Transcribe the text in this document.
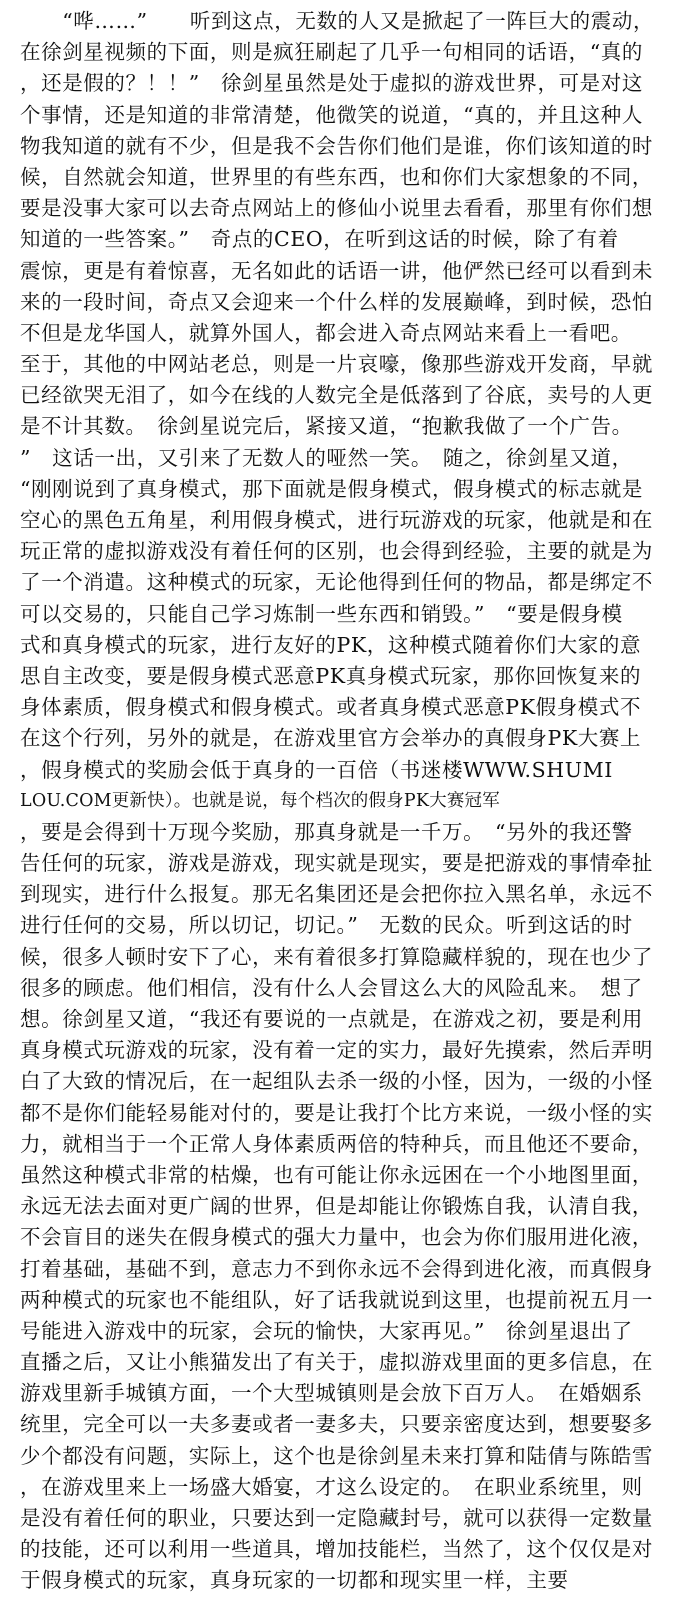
　　“哗……”　　听到这点，无数的人又是掀起了一阵巨大的震动，
在徐剑星视频的下面，则是疯狂刷起了几乎一句相同的话语，“真的
，还是假的？！！”　徐剑星虽然是处于虚拟的游戏世界，可是对这
个事情，还是知道的非常清楚，他微笑的说道，“真的，并且这种人
物我知道的就有不少，但是我不会告你们他们是谁，你们该知道的时
候，自然就会知道，世界里的有些东西，也和你们大家想象的不同，
要是没事大家可以去奇点网站上的修仙小说里去看看，那里有你们想
知道的一些答案。”　奇点的CEO，在听到这话的时候，除了有着
震惊，更是有着惊喜，无名如此的话语一讲，他俨然已经可以看到未
来的一段时间，奇点又会迎来一个什么样的发展巅峰，到时候，恐怕
不但是龙华国人，就算外国人，都会进入奇点网站来看上一看吧。
至于，其他的中网站老总，则是一片哀嚎，像那些游戏开发商，早就
已经欲哭无泪了，如今在线的人数完全是低落到了谷底，卖号的人更
是不计其数。　徐剑星说完后，紧接又道，“抱歉我做了一个广告。
”　这话一出，又引来了无数人的哑然一笑。　随之，徐剑星又道，
“刚刚说到了真身模式，那下面就是假身模式，假身模式的标志就是
空心的黑色五角星，利用假身模式，进行玩游戏的玩家，他就是和在
玩正常的虚拟游戏没有着任何的区别，也会得到经验，主要的就是为
了一个消遣。这种模式的玩家，无论他得到任何的物品，都是绑定不
可以交易的，只能自己学习炼制一些东西和销毁。”　“要是假身模
式和真身模式的玩家，进行友好的PK，这种模式随着你们大家的意
思自主改变，要是假身模式恶意PK真身模式玩家，那你回恢复来的
身体素质，假身模式和假身模式。或者真身模式恶意PK假身模式不
在这个行列，另外的就是，在游戏里官方会举办的真假身PK大赛上
，假身模式的奖励会低于真身的一百倍（书迷楼WWW.SHUMI
LOU.COM更新快）。也就是说，每个档次的假身PK大赛冠军
，要是会得到十万现今奖励，那真身就是一千万。　“另外的我还警
告任何的玩家，游戏是游戏，现实就是现实，要是把游戏的事情牵扯
到现实，进行什么报复。那无名集团还是会把你拉入黑名单，永远不
进行任何的交易，所以切记，切记。”　无数的民众。听到这话的时
候，很多人顿时安下了心，来有着很多打算隐藏样貌的，现在也少了
很多的顾虑。他们相信，没有什么人会冒这么大的风险乱来。　想了
想。徐剑星又道，“我还有要说的一点就是，在游戏之初，要是利用
真身模式玩游戏的玩家，没有着一定的实力，最好先摸索，然后弄明
白了大致的情况后，在一起组队去杀一级的小怪，因为，一级的小怪
都不是你们能轻易能对付的，要是让我打个比方来说，一级小怪的实
力，就相当于一个正常人身体素质两倍的特种兵，而且他还不要命，
虽然这种模式非常的枯燥，也有可能让你永远困在一个小地图里面，
永远无法去面对更广阔的世界，但是却能让你锻炼自我，认清自我，
不会盲目的迷失在假身模式的强大力量中，也会为你们服用进化液，
打着基础，基础不到，意志力不到你永远不会得到进化液，而真假身
两种模式的玩家也不能组队，好了话我就说到这里，也提前祝五月一
号能进入游戏中的玩家，会玩的愉快，大家再见。”　徐剑星退出了
直播之后，又让小熊猫发出了有关于，虚拟游戏里面的更多信息，在
游戏里新手城镇方面，一个大型城镇则是会放下百万人。　在婚姻系
统里，完全可以一夫多妻或者一妻多夫，只要亲密度达到，想要娶多
少个都没有问题，实际上，这个也是徐剑星未来打算和陆倩与陈皓雪
，在游戏里来上一场盛大婚宴，才这么设定的。　在职业系统里，则
是没有着任何的职业，只要达到一定隐藏封号，就可以获得一定数量
的技能，还可以利用一些道具，增加技能栏，当然了，这个仅仅是对
于假身模式的玩家，真身玩家的一切都和现实里一样，主要
